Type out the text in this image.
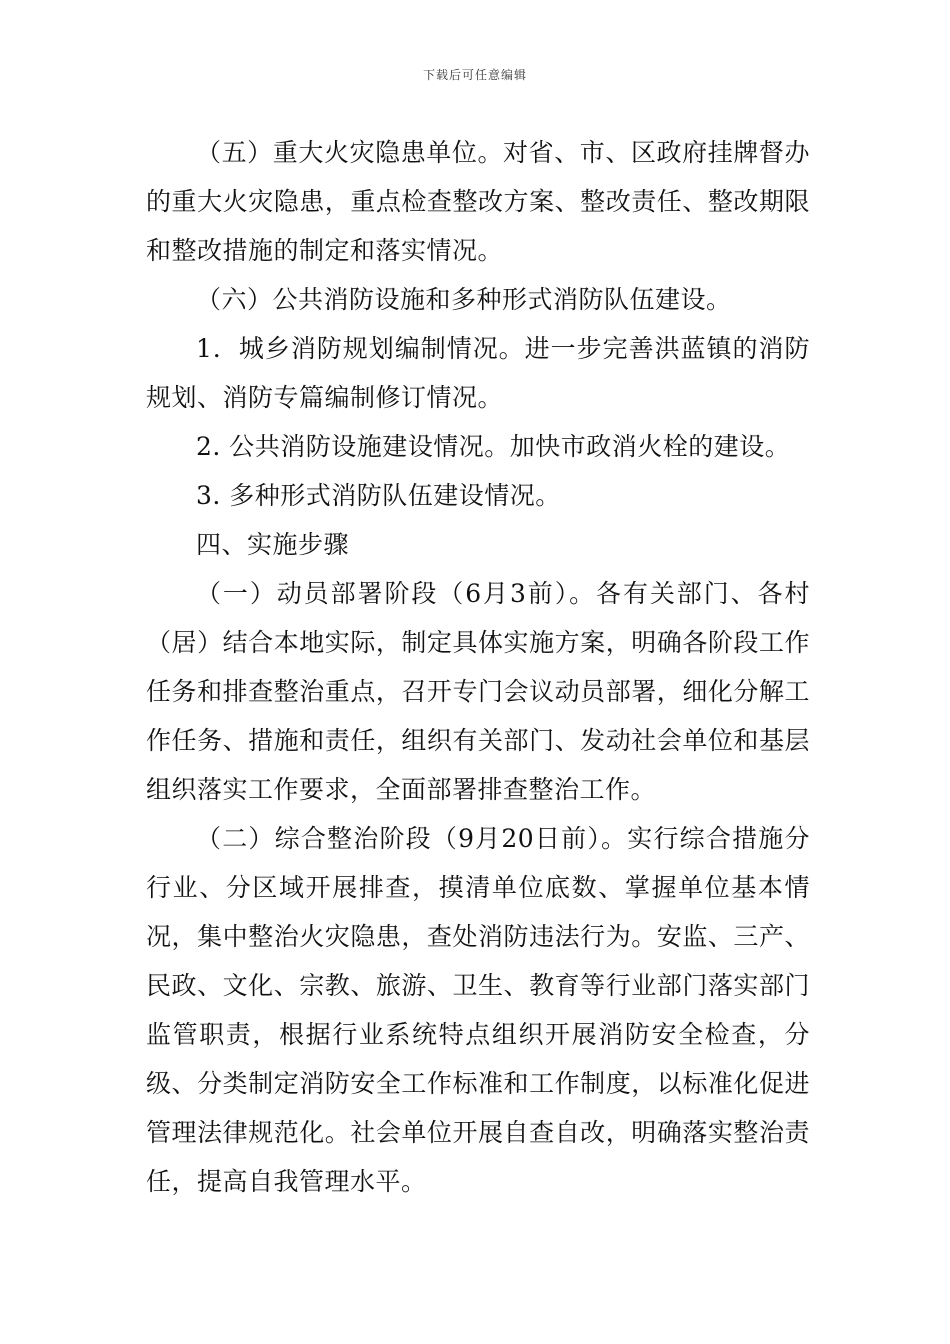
下载后可任意编辑

（五）重大火灾隐患单位。对省、市、区政府挂牌督办的重大火灾隐患，重点检查整改方案、整改责任、整改期限和整改措施的制定和落实情况。

（六）公共消防设施和多种形式消防队伍建设。

1．城乡消防规划编制情况。进一步完善洪蓝镇的消防规划、消防专篇编制修订情况。

2. 公共消防设施建设情况。加快市政消火栓的建设。

3. 多种形式消防队伍建设情况。

四、实施步骤

（一）动员部署阶段（6月3前）。各有关部门、各村（居）结合本地实际，制定具体实施方案，明确各阶段工作任务和排查整治重点，召开专门会议动员部署，细化分解工作任务、措施和责任，组织有关部门、发动社会单位和基层组织落实工作要求，全面部署排查整治工作。

（二）综合整治阶段（9月20日前）。实行综合措施分行业、分区域开展排查，摸清单位底数、掌握单位基本情况，集中整治火灾隐患，查处消防违法行为。安监、三产、民政、文化、宗教、旅游、卫生、教育等行业部门落实部门监管职责，根据行业系统特点组织开展消防安全检查，分级、分类制定消防安全工作标准和工作制度，以标准化促进管理法律规范化。社会单位开展自查自改，明确落实整治责任，提高自我管理水平。
